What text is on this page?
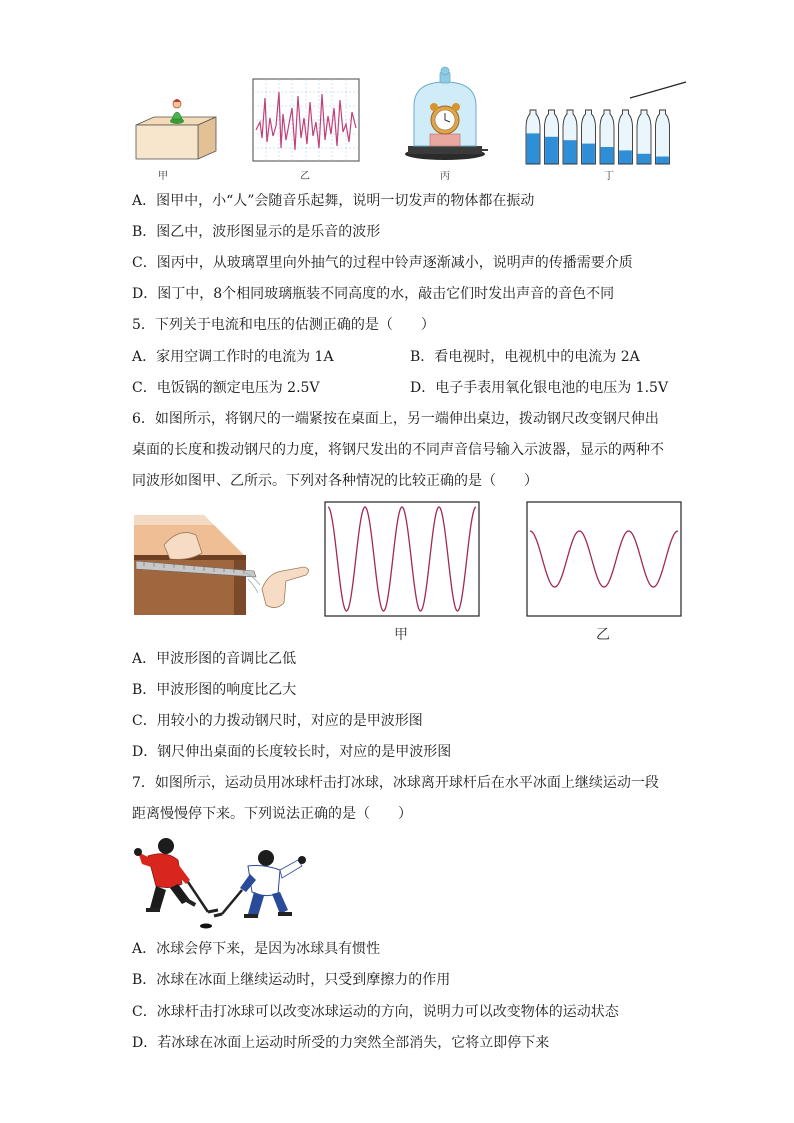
甲	乙	丙	丁
A．图甲中，小“人”会随音乐起舞，说明一切发声的物体都在振动
B．图乙中，波形图显示的是乐音的波形
C．图丙中，从玻璃罩里向外抽气的过程中铃声逐渐减小，说明声的传播需要介质
D．图丁中，8个相同玻璃瓶装不同高度的水，敲击它们时发出声音的音色不同
5．下列关于电流和电压的估测正确的是（　　）
A．家用空调工作时的电流为 1A	B．看电视时，电视机中的电流为 2A
C．电饭锅的额定电压为 2.5V	D．电子手表用氧化银电池的电压为 1.5V
6．如图所示，将钢尺的一端紧按在桌面上，另一端伸出桌边，拨动钢尺改变钢尺伸出
桌面的长度和拨动钢尺的力度，将钢尺发出的不同声音信号输入示波器，显示的两种不
同波形如图甲、乙所示。下列对各种情况的比较正确的是（　　）
甲	乙
A．甲波形图的音调比乙低
B．甲波形图的响度比乙大
C．用较小的力拨动钢尺时，对应的是甲波形图
D．钢尺伸出桌面的长度较长时，对应的是甲波形图
7．如图所示，运动员用冰球杆击打冰球，冰球离开球杆后在水平冰面上继续运动一段
距离慢慢停下来。下列说法正确的是（　　）
A．冰球会停下来，是因为冰球具有惯性
B．冰球在冰面上继续运动时，只受到摩擦力的作用
C．冰球杆击打冰球可以改变冰球运动的方向，说明力可以改变物体的运动状态
D．若冰球在冰面上运动时所受的力突然全部消失，它将立即停下来
